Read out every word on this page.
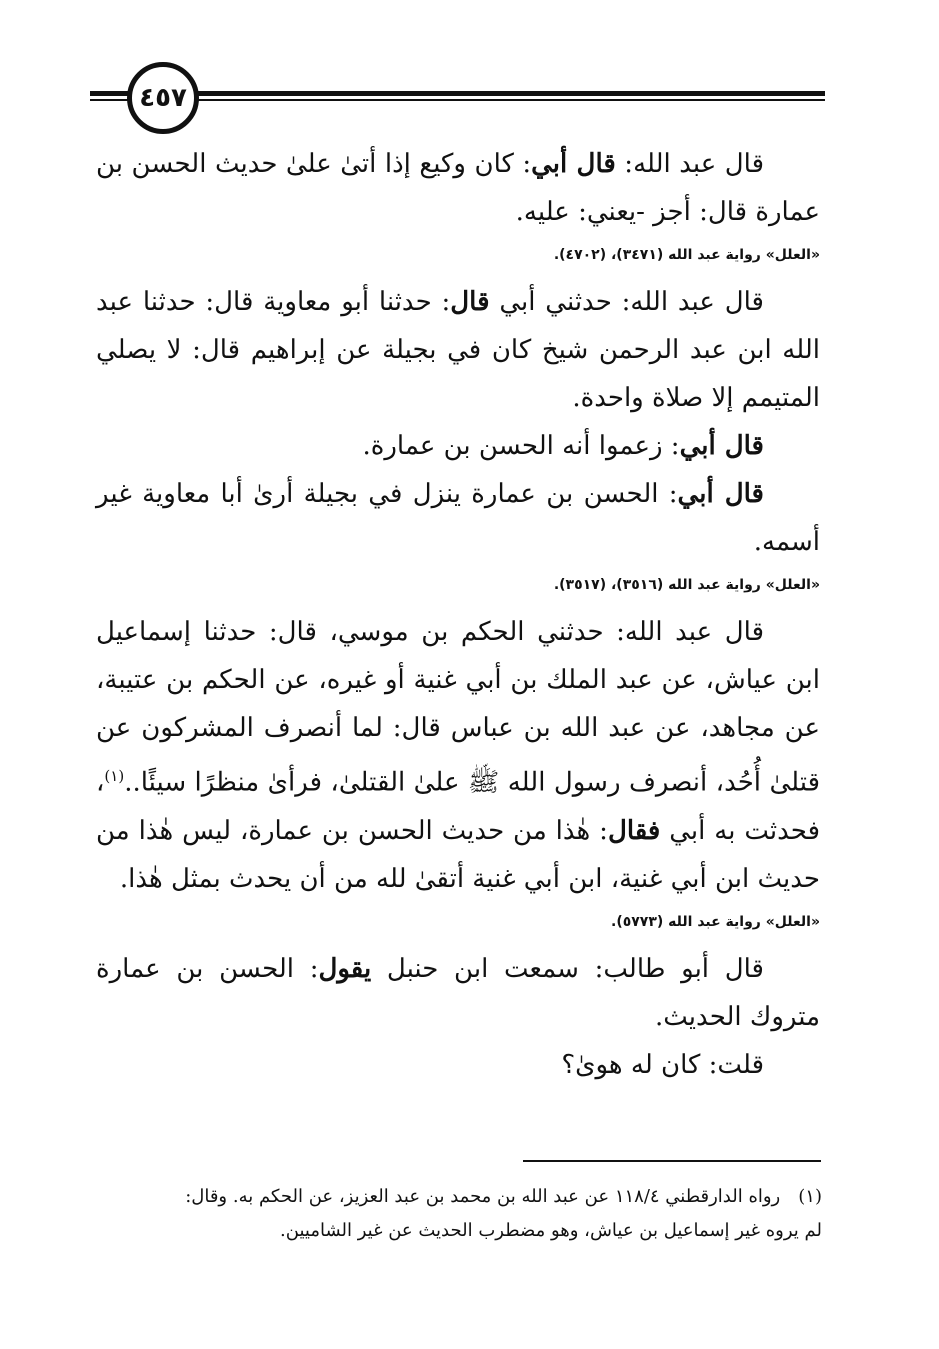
٤٥٧

قال عبد الله: قال أبي: كان وكيع إذا أتىٰ علىٰ حديث الحسن بن عمارة قال: أجز -يعني: عليه.

«العلل» رواية عبد الله (٣٤٧١)، (٤٧٠٢).

قال عبد الله: حدثني أبي قال: حدثنا أبو معاوية قال: حدثنا عبد الله ابن عبد الرحمن شيخ كان في بجيلة عن إبراهيم قال: لا يصلي المتيمم إلا صلاة واحدة.

قال أبي: زعموا أنه الحسن بن عمارة.

قال أبي: الحسن بن عمارة ينزل في بجيلة أرىٰ أبا معاوية غير أسمه.

«العلل» رواية عبد الله (٣٥١٦)، (٣٥١٧).

قال عبد الله: حدثني الحكم بن موسي، قال: حدثنا إسماعيل ابن عياش، عن عبد الملك بن أبي غنية أو غيره، عن الحكم بن عتيبة، عن مجاهد، عن عبد الله بن عباس قال: لما أنصرف المشركون عن قتلىٰ أُحُد، أنصرف رسول الله ﷺ علىٰ القتلىٰ، فرأىٰ منظرًا سيئًا..$^{(١)}$، فحدثت به أبي فقال: هٰذا من حديث الحسن بن عمارة، ليس هٰذا من حديث ابن أبي غنية، ابن أبي غنية أتقىٰ لله من أن يحدث بمثل هٰذا.

«العلل» رواية عبد الله (٥٧٧٣).

قال أبو طالب: سمعت ابن حنبل يقول: الحسن بن عمارة متروك الحديث.

قلت: كان له هوىٰ؟

(١)رواه الدارقطني ١١٨/٤ عن عبد الله بن محمد بن عبد العزيز، عن الحكم به. وقال:
لم يروه غير إسماعيل بن عياش، وهو مضطرب الحديث عن غير الشاميين.
